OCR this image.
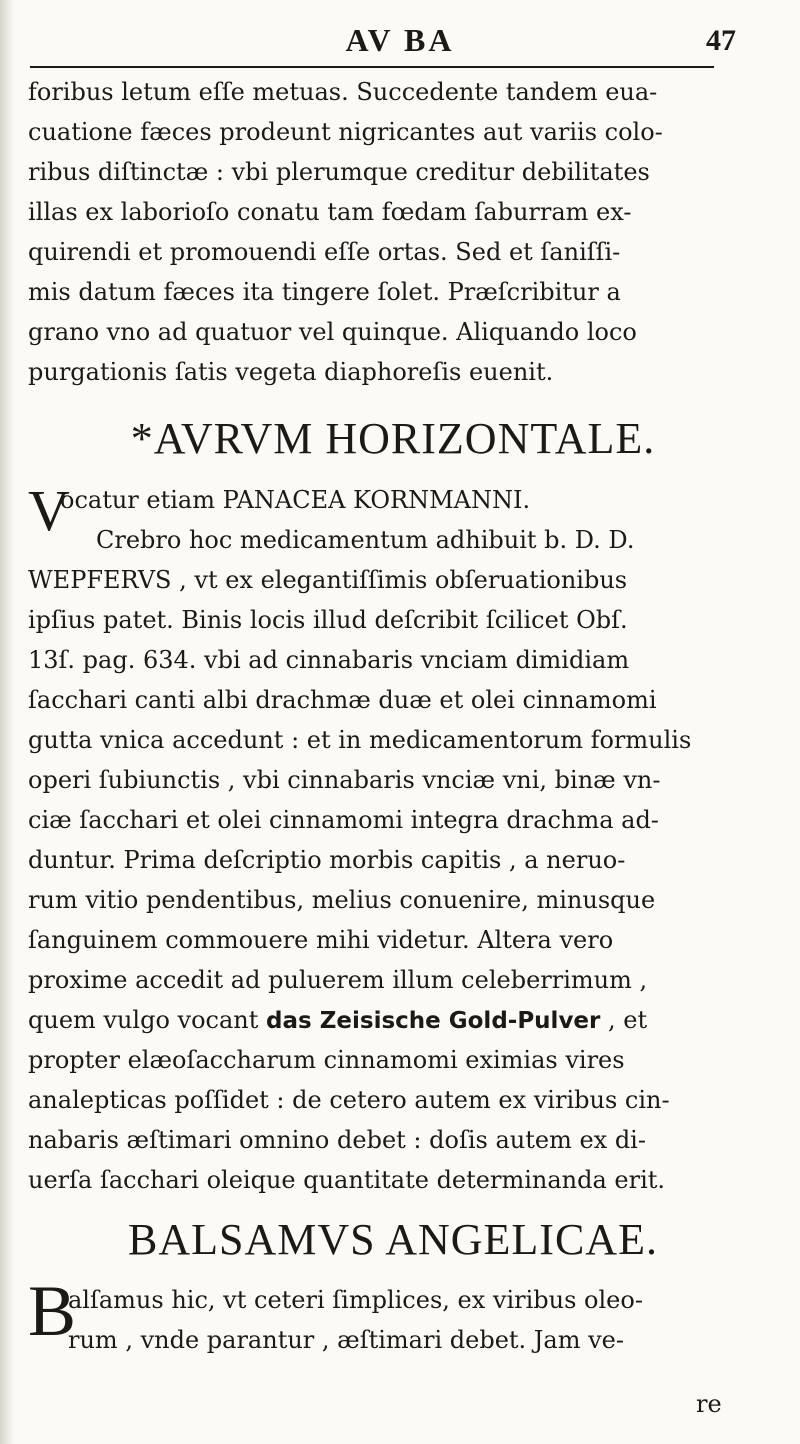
AV BA	47
foribus letum eſſe metuas. Succedente tandem eua-
cuatione fæces prodeunt nigricantes aut variis colo-
ribus diſtinctæ : vbi plerumque creditur debilitates
illas ex laborioſo conatu tam fœdam ſaburram ex-
quirendi et promouendi eſſe ortas. Sed et ſaniſſi-
mis datum fæces ita tingere ſolet. Præſcribitur a
grano vno ad quatuor vel quinque. Aliquando loco
purgationis ſatis vegeta diaphoreſis euenit.
*AVRVM HORIZONTALE.
V
ocatur etiam PANACEA KORNMANNI.
Crebro hoc medicamentum adhibuit b. D. D.
WEPFERVS , vt ex elegantiſſimis obſeruationibus
ipſius patet. Binis locis illud deſcribit ſcilicet Obſ.
13ſ. pag. 634. vbi ad cinnabaris vnciam dimidiam
ſacchari canti albi drachmæ duæ et olei cinnamomi
gutta vnica accedunt : et in medicamentorum formulis
operi ſubiunctis , vbi cinnabaris vnciæ vni, binæ vn-
ciæ ſacchari et olei cinnamomi integra drachma ad-
duntur. Prima deſcriptio morbis capitis , a neruo-
rum vitio pendentibus, melius conuenire, minusque
ſanguinem commouere mihi videtur. Altera vero
proxime accedit ad puluerem illum celeberrimum ,
quem vulgo vocant das Zeisische Gold-Pulver , et
propter elæoſaccharum cinnamomi eximias vires
analepticas poſſidet : de cetero autem ex viribus cin-
nabaris æſtimari omnino debet : doſis autem ex di-
uerſa ſacchari oleique quantitate determinanda erit.
BALSAMVS ANGELICAE.
B
alſamus hic, vt ceteri ſimplices, ex viribus oleo-
rum , vnde parantur , æſtimari debet. Jam ve-
re
